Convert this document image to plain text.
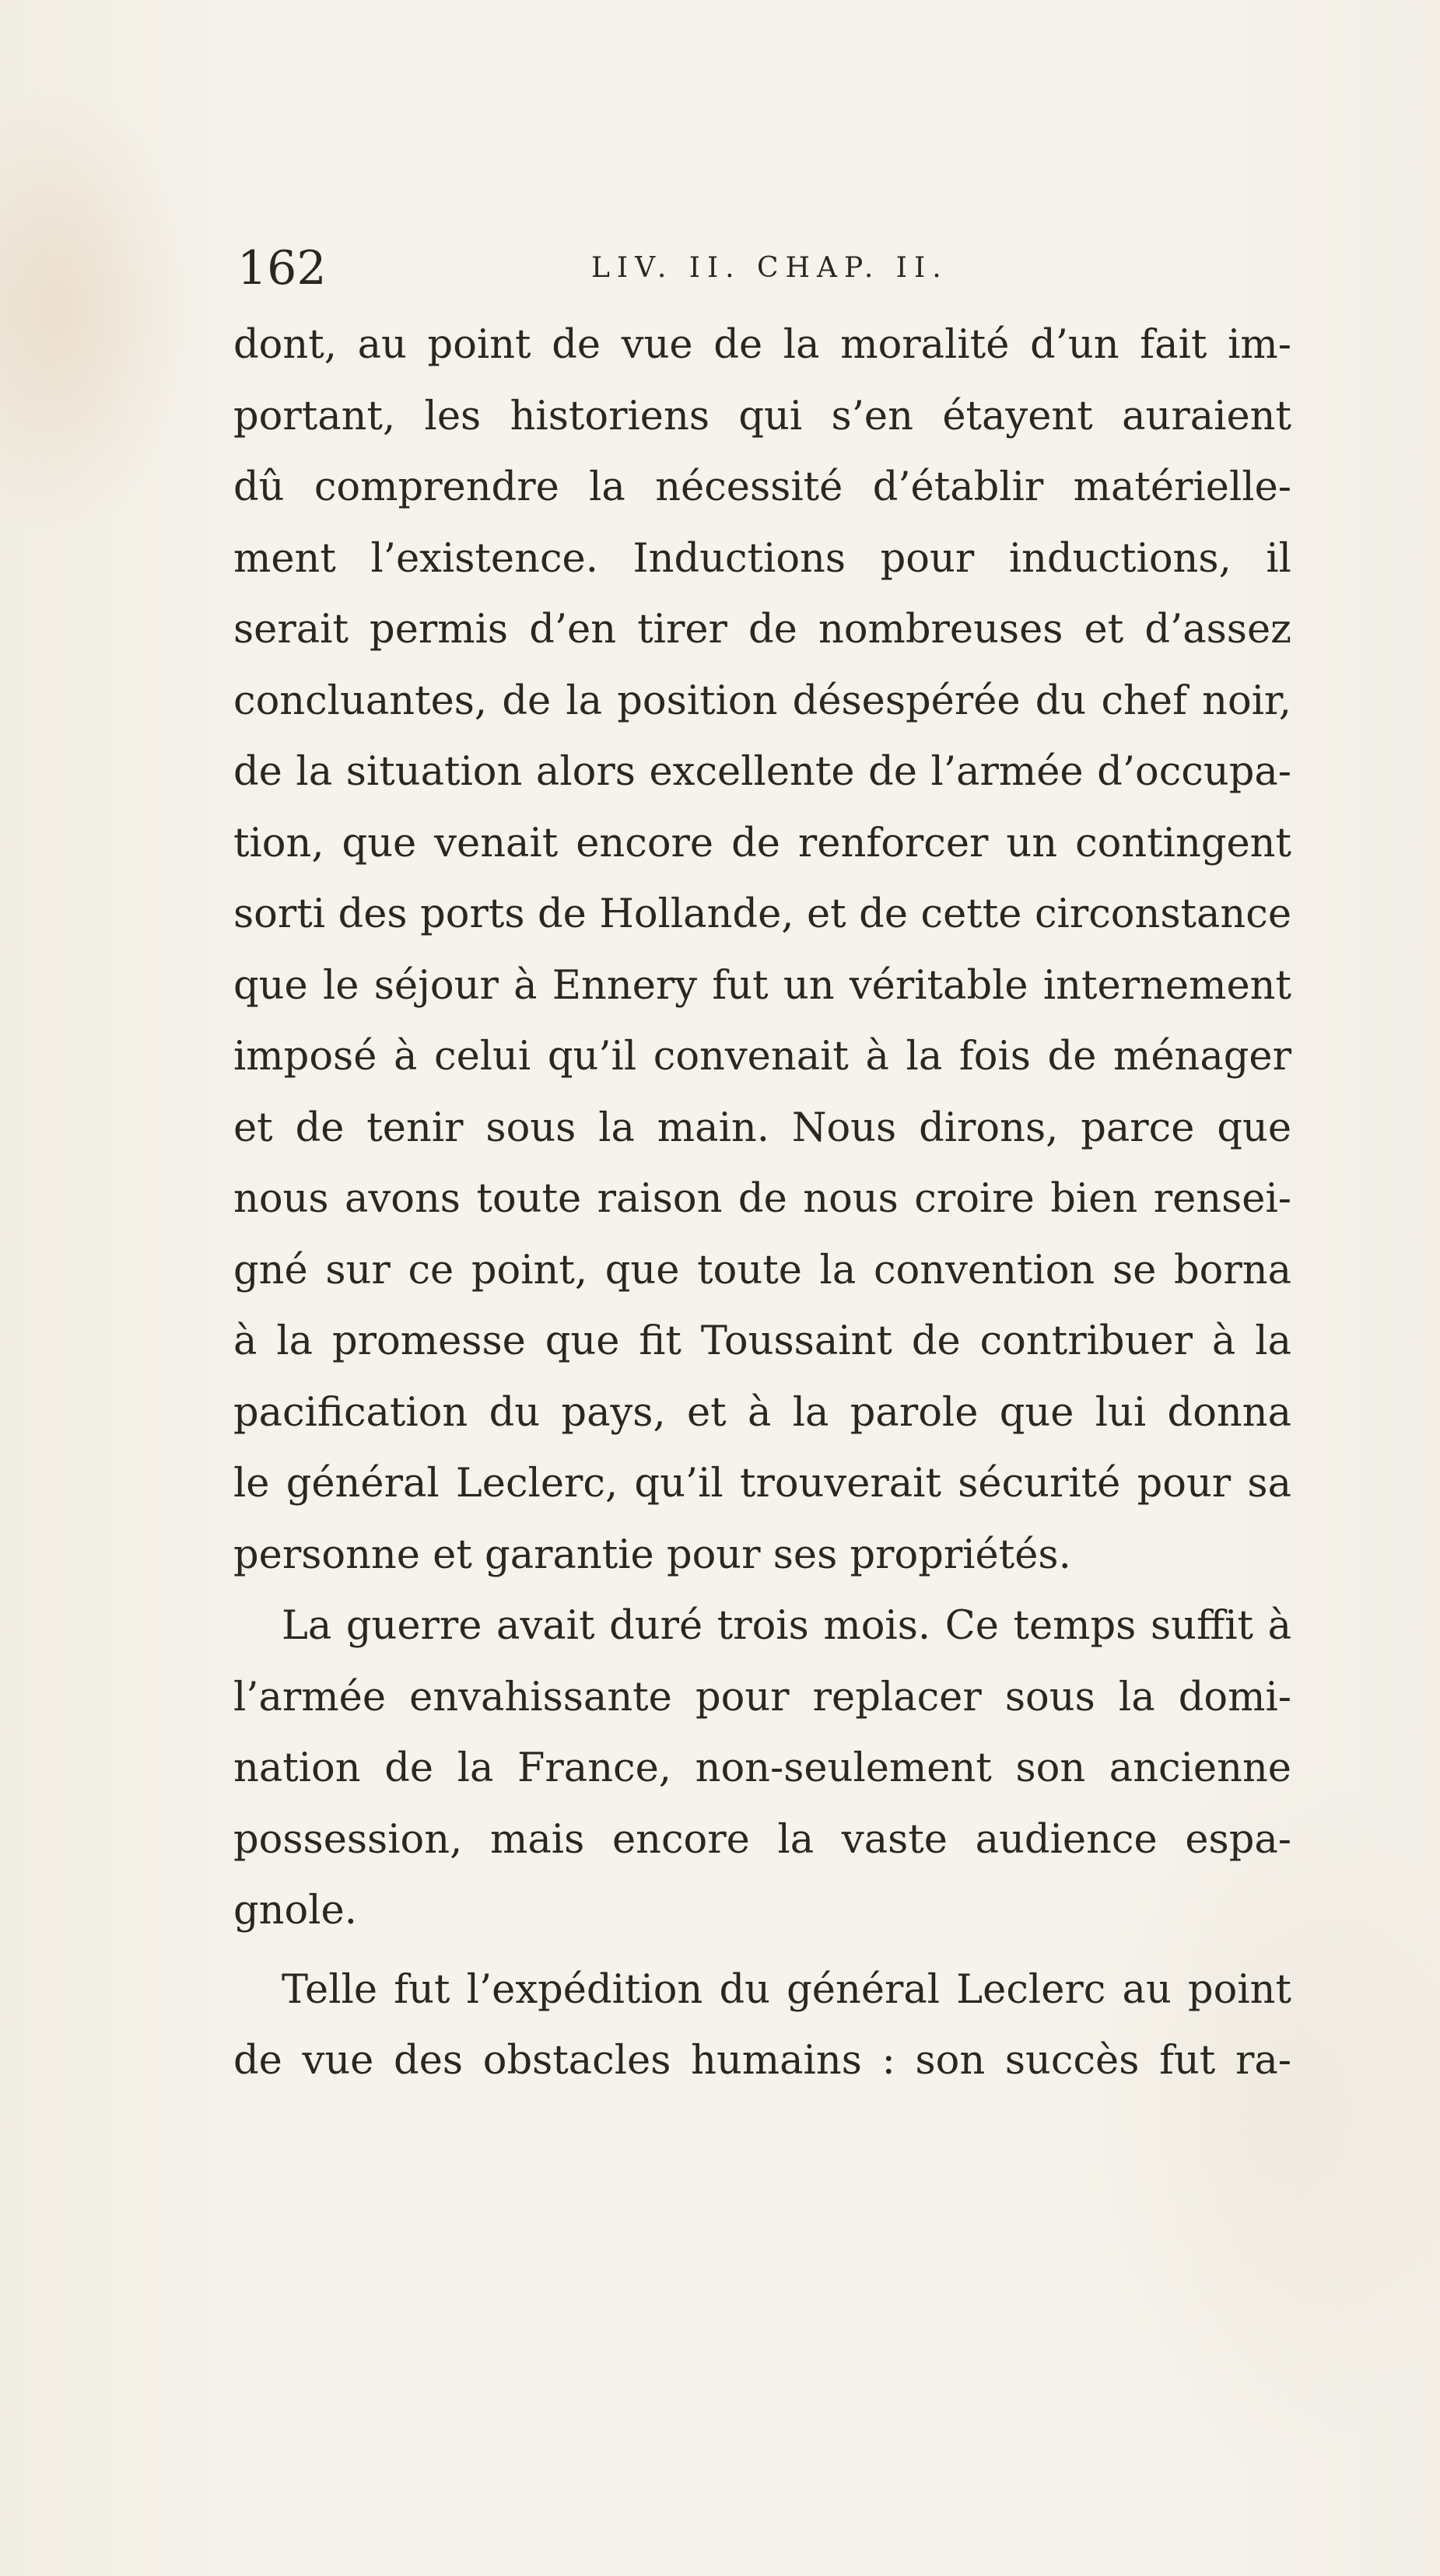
162	LIV. II. CHAP. II.
dont, au point de vue de la moralité d’un fait im-
portant, les historiens qui s’en étayent auraient
dû comprendre la nécessité d’établir matérielle-
ment l’existence. Inductions pour inductions, il
serait permis d’en tirer de nombreuses et d’assez
concluantes, de la position désespérée du chef noir,
de la situation alors excellente de l’armée d’occupa-
tion, que venait encore de renforcer un contingent
sorti des ports de Hollande, et de cette circonstance
que le séjour à Ennery fut un véritable internement
imposé à celui qu’il convenait à la fois de ménager
et de tenir sous la main. Nous dirons, parce que
nous avons toute raison de nous croire bien rensei-
gné sur ce point, que toute la convention se borna
à la promesse que fit Toussaint de contribuer à la
pacification du pays, et à la parole que lui donna
le général Leclerc, qu’il trouverait sécurité pour sa
personne et garantie pour ses propriétés.
La guerre avait duré trois mois. Ce temps suffit à
l’armée envahissante pour replacer sous la domi-
nation de la France, non-seulement son ancienne
possession, mais encore la vaste audience espa-
gnole.
Telle fut l’expédition du général Leclerc au point
de vue des obstacles humains : son succès fut ra-
